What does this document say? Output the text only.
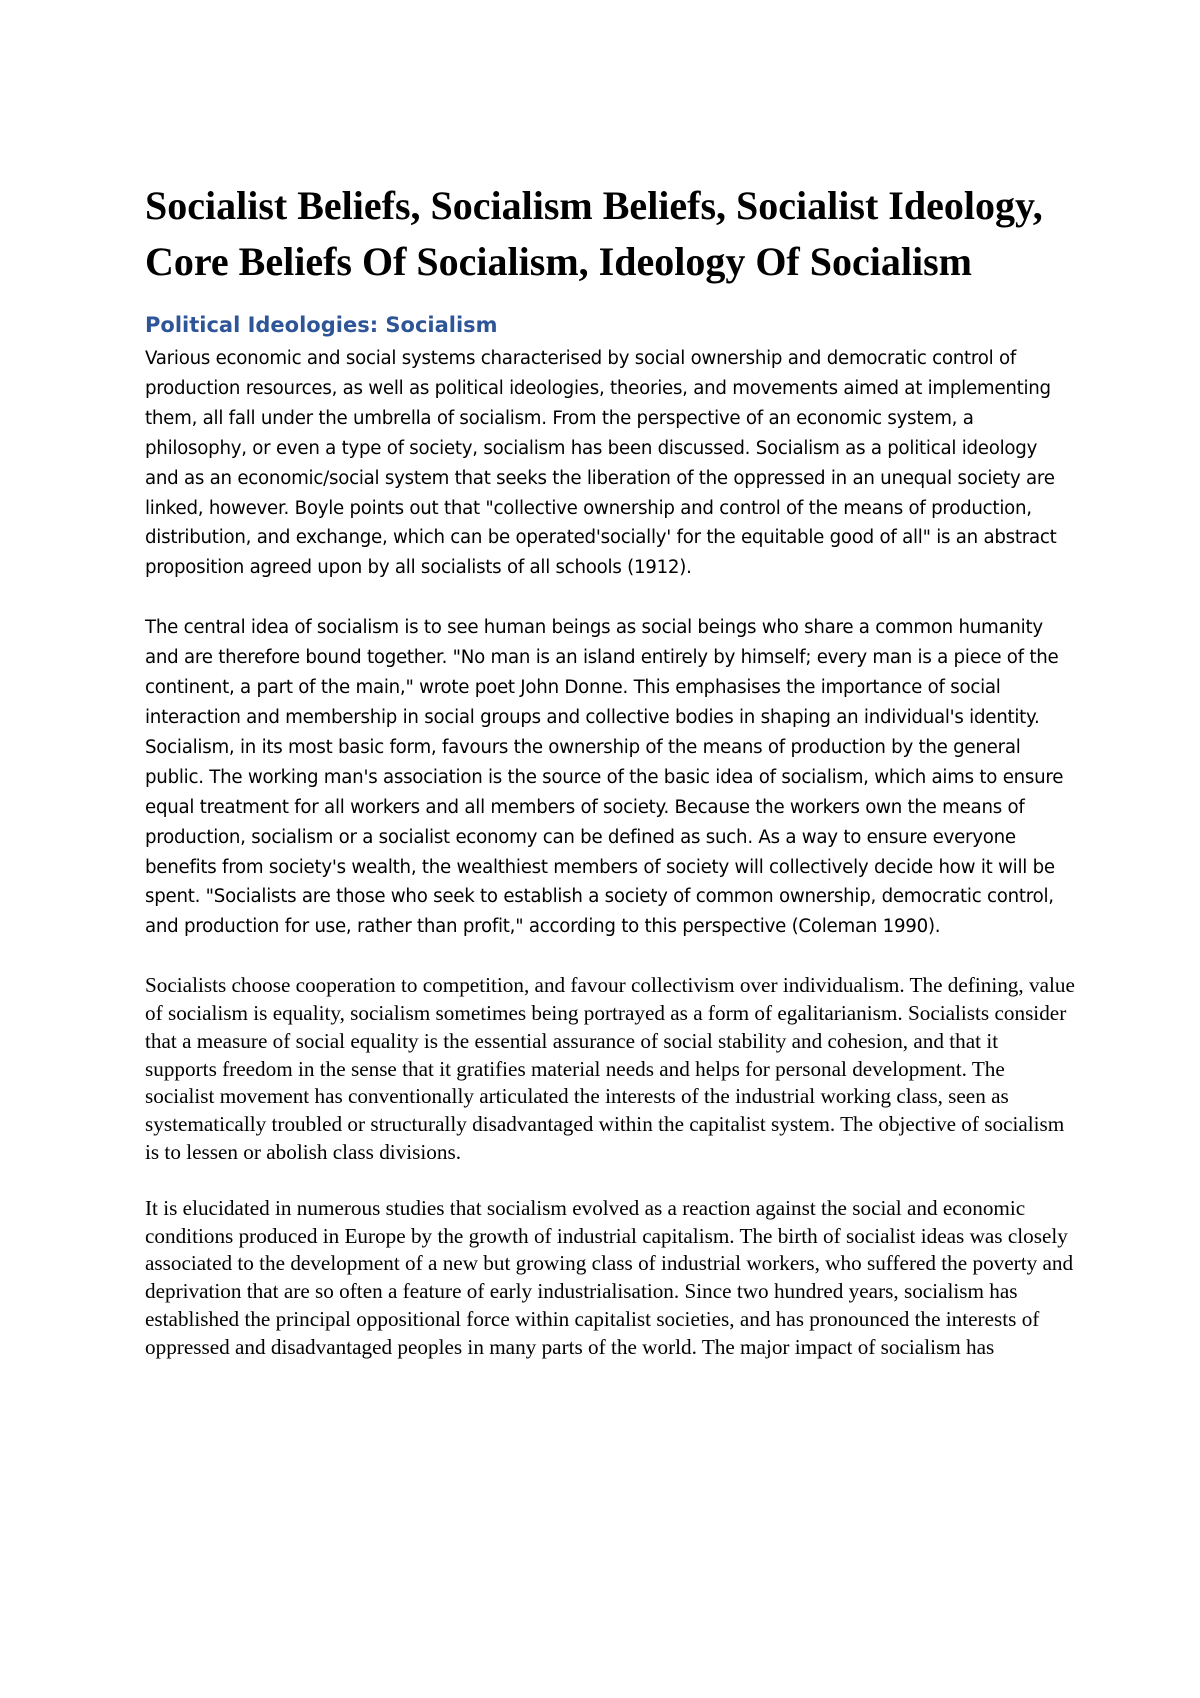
Socialist Beliefs, Socialism Beliefs, Socialist Ideology, Core Beliefs Of Socialism, Ideology Of Socialism
Political Ideologies: Socialism

Various economic and social systems characterised by social ownership and democratic control of production resources, as well as political ideologies, theories, and movements aimed at implementing them, all fall under the umbrella of socialism. From the perspective of an economic system, a philosophy, or even a type of society, socialism has been discussed. Socialism as a political ideology and as an economic/social system that seeks the liberation of the oppressed in an unequal society are linked, however. Boyle points out that "collective ownership and control of the means of production, distribution, and exchange, which can be operated'socially' for the equitable good of all" is an abstract proposition agreed upon by all socialists of all schools (1912).

The central idea of socialism is to see human beings as social beings who share a common humanity and are therefore bound together. "No man is an island entirely by himself; every man is a piece of the continent, a part of the main," wrote poet John Donne. This emphasises the importance of social interaction and membership in social groups and collective bodies in shaping an individual's identity. Socialism, in its most basic form, favours the ownership of the means of production by the general public. The working man's association is the source of the basic idea of socialism, which aims to ensure equal treatment for all workers and all members of society. Because the workers own the means of production, socialism or a socialist economy can be defined as such. As a way to ensure everyone benefits from society's wealth, the wealthiest members of society will collectively decide how it will be spent. "Socialists are those who seek to establish a society of common ownership, democratic control, and production for use, rather than profit," according to this perspective (Coleman 1990).

Socialists choose cooperation to competition, and favour collectivism over individualism. The defining, value of socialism is equality, socialism sometimes being portrayed as a form of egalitarianism. Socialists consider that a measure of social equality is the essential assurance of social stability and cohesion, and that it supports freedom in the sense that it gratifies material needs and helps for personal development. The socialist movement has conventionally articulated the interests of the industrial working class, seen as systematically troubled or structurally disadvantaged within the capitalist system. The objective of socialism is to lessen or abolish class divisions.

It is elucidated in numerous studies that socialism evolved as a reaction against the social and economic conditions produced in Europe by the growth of industrial capitalism. The birth of socialist ideas was closely associated to the development of a new but growing class of industrial workers, who suffered the poverty and deprivation that are so often a feature of early industrialisation. Since two hundred years, socialism has established the principal oppositional force within capitalist societies, and has pronounced the interests of oppressed and disadvantaged peoples in many parts of the world. The major impact of socialism has
